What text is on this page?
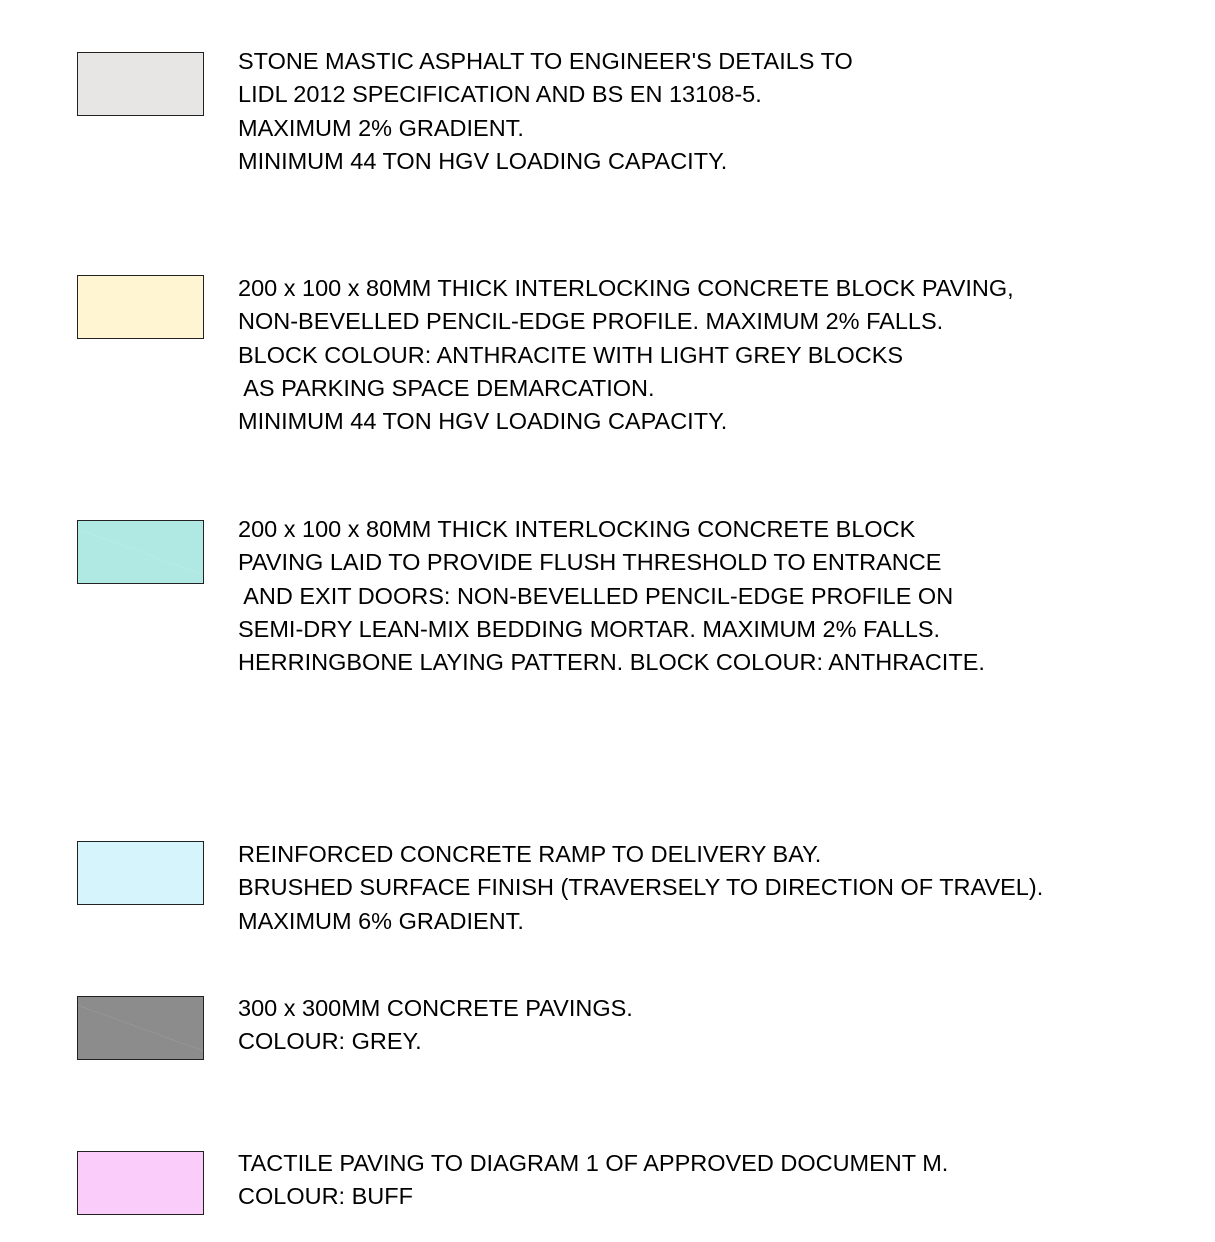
STONE MASTIC ASPHALT TO ENGINEER'S DETAILS TO
LIDL 2012 SPECIFICATION AND BS EN 13108-5.
MAXIMUM 2% GRADIENT.
MINIMUM 44 TON HGV LOADING CAPACITY.
200 x 100 x 80MM THICK INTERLOCKING CONCRETE BLOCK PAVING,
NON-BEVELLED PENCIL-EDGE PROFILE. MAXIMUM 2% FALLS.
BLOCK COLOUR: ANTHRACITE WITH LIGHT GREY BLOCKS
AS PARKING SPACE DEMARCATION.
MINIMUM 44 TON HGV LOADING CAPACITY.
200 x 100 x 80MM THICK INTERLOCKING CONCRETE BLOCK
PAVING LAID TO PROVIDE FLUSH THRESHOLD TO ENTRANCE
AND EXIT DOORS: NON-BEVELLED PENCIL-EDGE PROFILE ON
SEMI-DRY LEAN-MIX BEDDING MORTAR. MAXIMUM 2% FALLS.
HERRINGBONE LAYING PATTERN. BLOCK COLOUR: ANTHRACITE.
REINFORCED CONCRETE RAMP TO DELIVERY BAY.
BRUSHED SURFACE FINISH (TRAVERSELY TO DIRECTION OF TRAVEL).
MAXIMUM 6% GRADIENT.
300 x 300MM CONCRETE PAVINGS.
COLOUR: GREY.
TACTILE PAVING TO DIAGRAM 1 OF APPROVED DOCUMENT M.
COLOUR: BUFF
